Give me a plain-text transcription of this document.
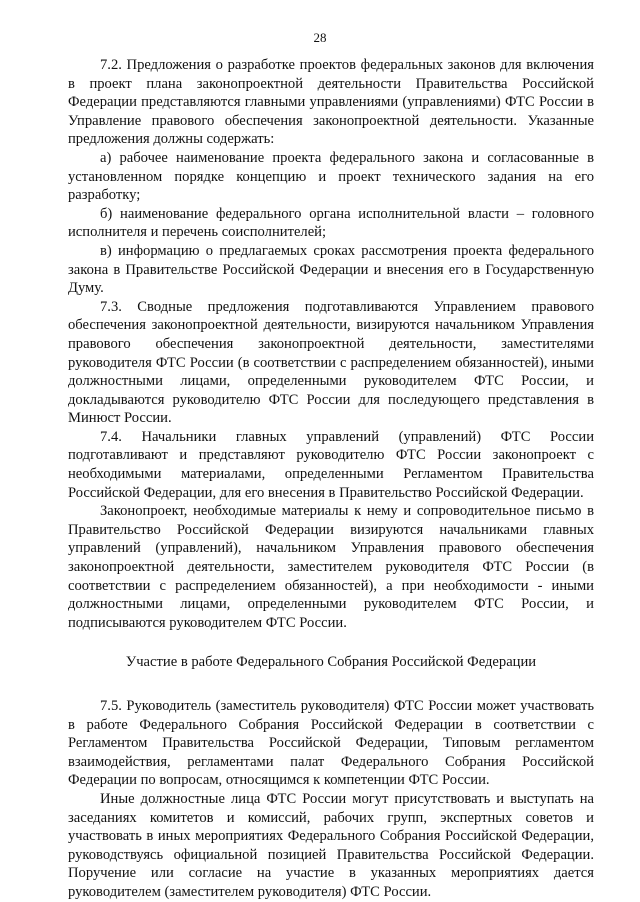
28

7.2. Предложения о разработке проектов федеральных законов для включения в проект плана законопроектной деятельности Правительства Российской Федерации представляются главными управлениями (управлениями) ФТС России в Управление правового обеспечения законопроектной деятельности. Указанные предложения должны содержать:

а) рабочее наименование проекта федерального закона и согласованные в установленном порядке концепцию и проект технического задания на его разработку;

б) наименование федерального органа исполнительной власти – головного исполнителя и перечень соисполнителей;

в) информацию о предлагаемых сроках рассмотрения проекта федерального закона в Правительстве Российской Федерации и внесения его в Государственную Думу.

7.3. Сводные предложения подготавливаются Управлением правового обеспечения законопроектной деятельности, визируются начальником Управления правового обеспечения законопроектной деятельности, заместителями руководителя ФТС России (в соответствии с распределением обязанностей), иными должностными лицами, определенными руководителем ФТС России, и докладываются руководителю ФТС России для последующего представления в Минюст России.

7.4. Начальники главных управлений (управлений) ФТС России подготавливают и представляют руководителю ФТС России законопроект с необходимыми материалами, определенными Регламентом Правительства Российской Федерации, для его внесения в Правительство Российской Федерации.

Законопроект, необходимые материалы к нему и сопроводительное письмо в Правительство Российской Федерации визируются начальниками главных управлений (управлений), начальником Управления правового обеспечения законопроектной деятельности, заместителем руководителя ФТС России (в соответствии с распределением обязанностей), а при необходимости - иными должностными лицами, определенными руководителем ФТС России, и подписываются руководителем ФТС России.

Участие в работе Федерального Собрания Российской Федерации

7.5. Руководитель (заместитель руководителя) ФТС России может участвовать в работе Федерального Собрания Российской Федерации в соответствии с Регламентом Правительства Российской Федерации, Типовым регламентом взаимодействия, регламентами палат Федерального Собрания Российской Федерации по вопросам, относящимся к компетенции ФТС России.

Иные должностные лица ФТС России могут присутствовать и выступать на заседаниях комитетов и комиссий, рабочих групп, экспертных советов и участвовать в иных мероприятиях Федерального Собрания Российской Федерации, руководствуясь официальной позицией Правительства Российской Федерации. Поручение или согласие на участие в указанных мероприятиях дается руководителем (заместителем руководителя) ФТС России.
